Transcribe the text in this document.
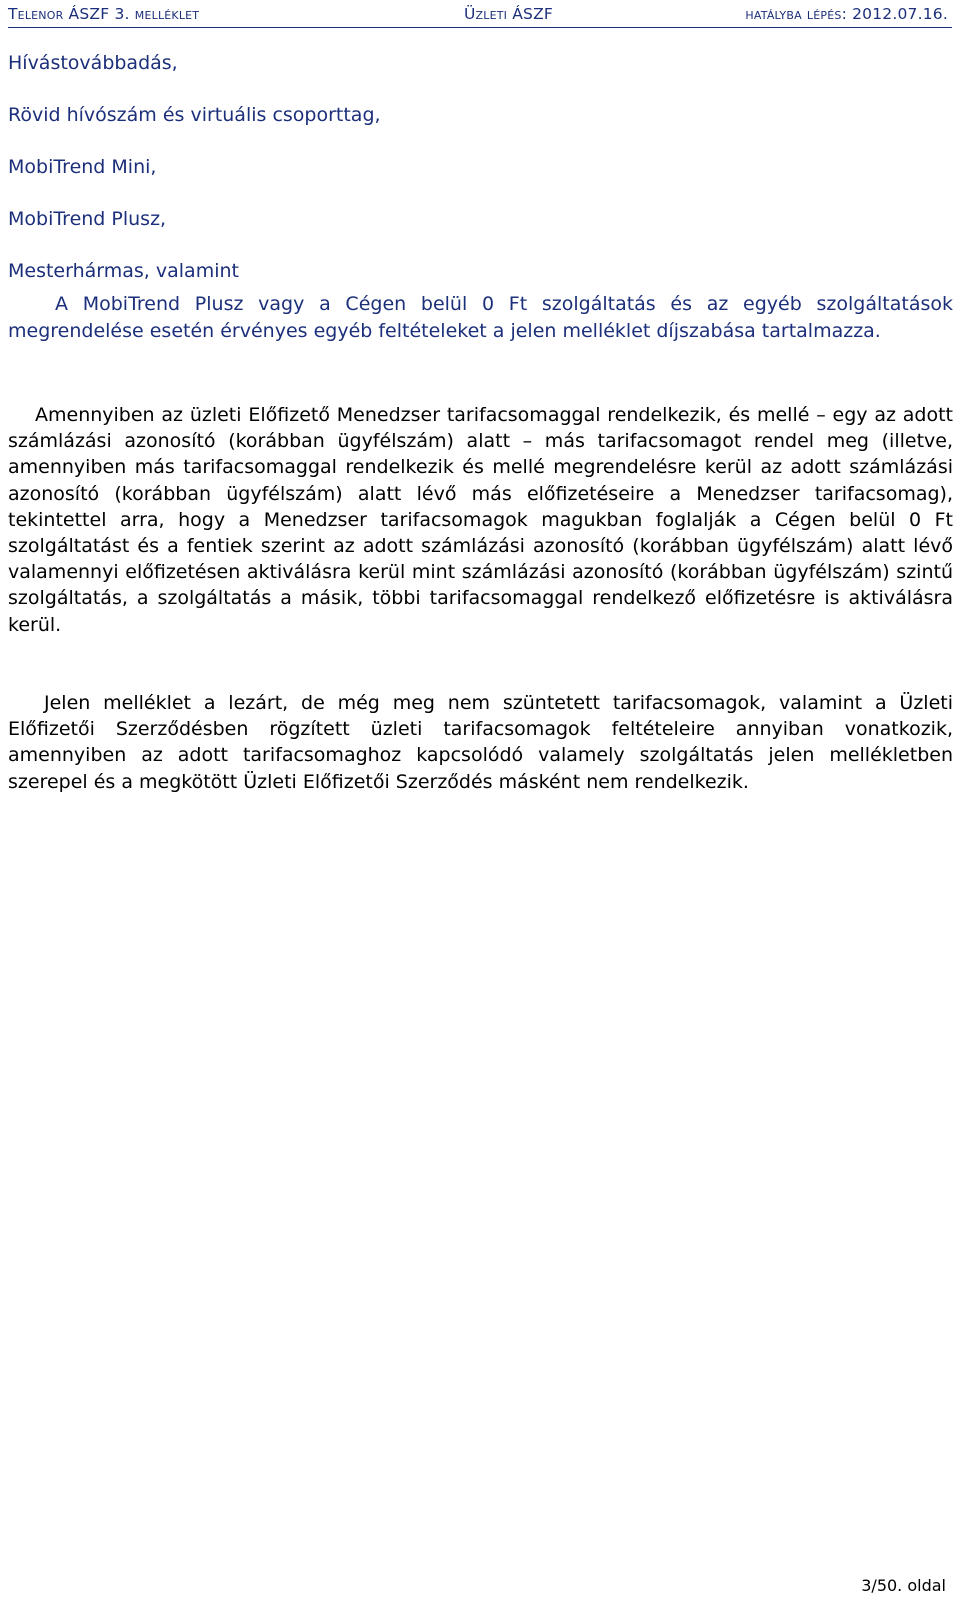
Telenor ÁSZF 3. melléklet	Üzleti ÁSZF	hatályba lépés: 2012.07.16.
Hívástovábbadás,
Rövid hívószám és virtuális csoporttag,
MobiTrend Mini,
MobiTrend Plusz,
Mesterhármas, valamint

A MobiTrend Plusz vagy a Cégen belül 0 Ft szolgáltatás és az egyéb szolgáltatások megrendelése esetén érvényes egyéb feltételeket a jelen melléklet díjszabása tartalmazza.

Amennyiben az üzleti Előfizető Menedzser tarifacsomaggal rendelkezik, és mellé – egy az adott számlázási azonosító (korábban ügyfélszám) alatt – más tarifacsomagot rendel meg (illetve, amennyiben más tarifacsomaggal rendelkezik és mellé megrendelésre kerül az adott számlázási azonosító (korábban ügyfélszám) alatt lévő más előfizetéseire a Menedzser tarifacsomag), tekintettel arra, hogy a Menedzser tarifacsomagok magukban foglalják a Cégen belül 0 Ft szolgáltatást és a fentiek szerint az adott számlázási azonosító (korábban ügyfélszám) alatt lévő valamennyi előfizetésen aktiválásra kerül mint számlázási azonosító (korábban ügyfélszám) szintű szolgáltatás, a szolgáltatás a másik, többi tarifacsomaggal rendelkező előfizetésre is aktiválásra kerül.

Jelen melléklet a lezárt, de még meg nem szüntetett tarifacsomagok, valamint a Üzleti Előfizetői Szerződésben rögzített üzleti tarifacsomagok feltételeire annyiban vonatkozik, amennyiben az adott tarifacsomaghoz kapcsolódó valamely szolgáltatás jelen mellékletben szerepel és a megkötött Üzleti Előfizetői Szerződés másként nem rendelkezik.

3/50. oldal
